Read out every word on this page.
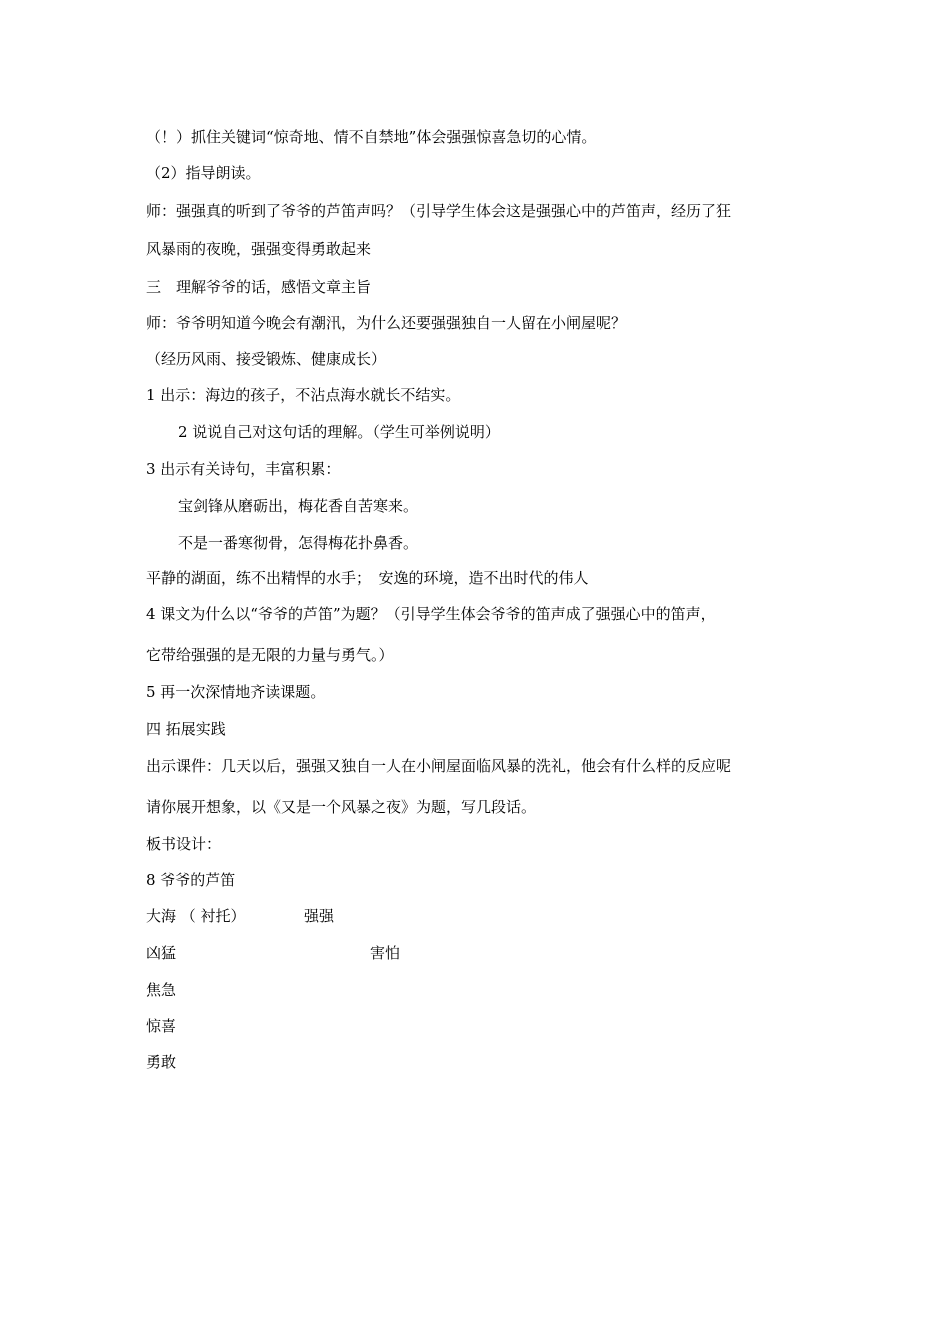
（！）抓住关键词“惊奇地、情不自禁地”体会强强惊喜急切的心情。
（2）指导朗读。
师：强强真的听到了爷爷的芦笛声吗？（引导学生体会这是强强心中的芦笛声，经历了狂
风暴雨的夜晚，强强变得勇敢起来
三　理解爷爷的话，感悟文章主旨
师：爷爷明知道今晚会有潮汛，为什么还要强强独自一人留在小闸屋呢？
（经历风雨、接受锻炼、健康成长）
1 出示：海边的孩子，不沾点海水就长不结实。
2 说说自己对这句话的理解。（学生可举例说明）
3 出示有关诗句，丰富积累：
宝剑锋从磨砺出，梅花香自苦寒来。
不是一番寒彻骨，怎得梅花扑鼻香。
平静的湖面，练不出精悍的水手；　安逸的环境，造不出时代的伟人
4 课文为什么以“爷爷的芦笛”为题？（引导学生体会爷爷的笛声成了强强心中的笛声，
它带给强强的是无限的力量与勇气。）
5 再一次深情地齐读课题。
四 拓展实践
出示课件：几天以后，强强又独自一人在小闸屋面临风暴的洗礼，他会有什么样的反应呢
请你展开想象，以《又是一个风暴之夜》为题，写几段话。
板书设计：
8 爷爷的芦笛
大海 （ 衬托）	强强
凶猛	害怕
焦急
惊喜
勇敢
